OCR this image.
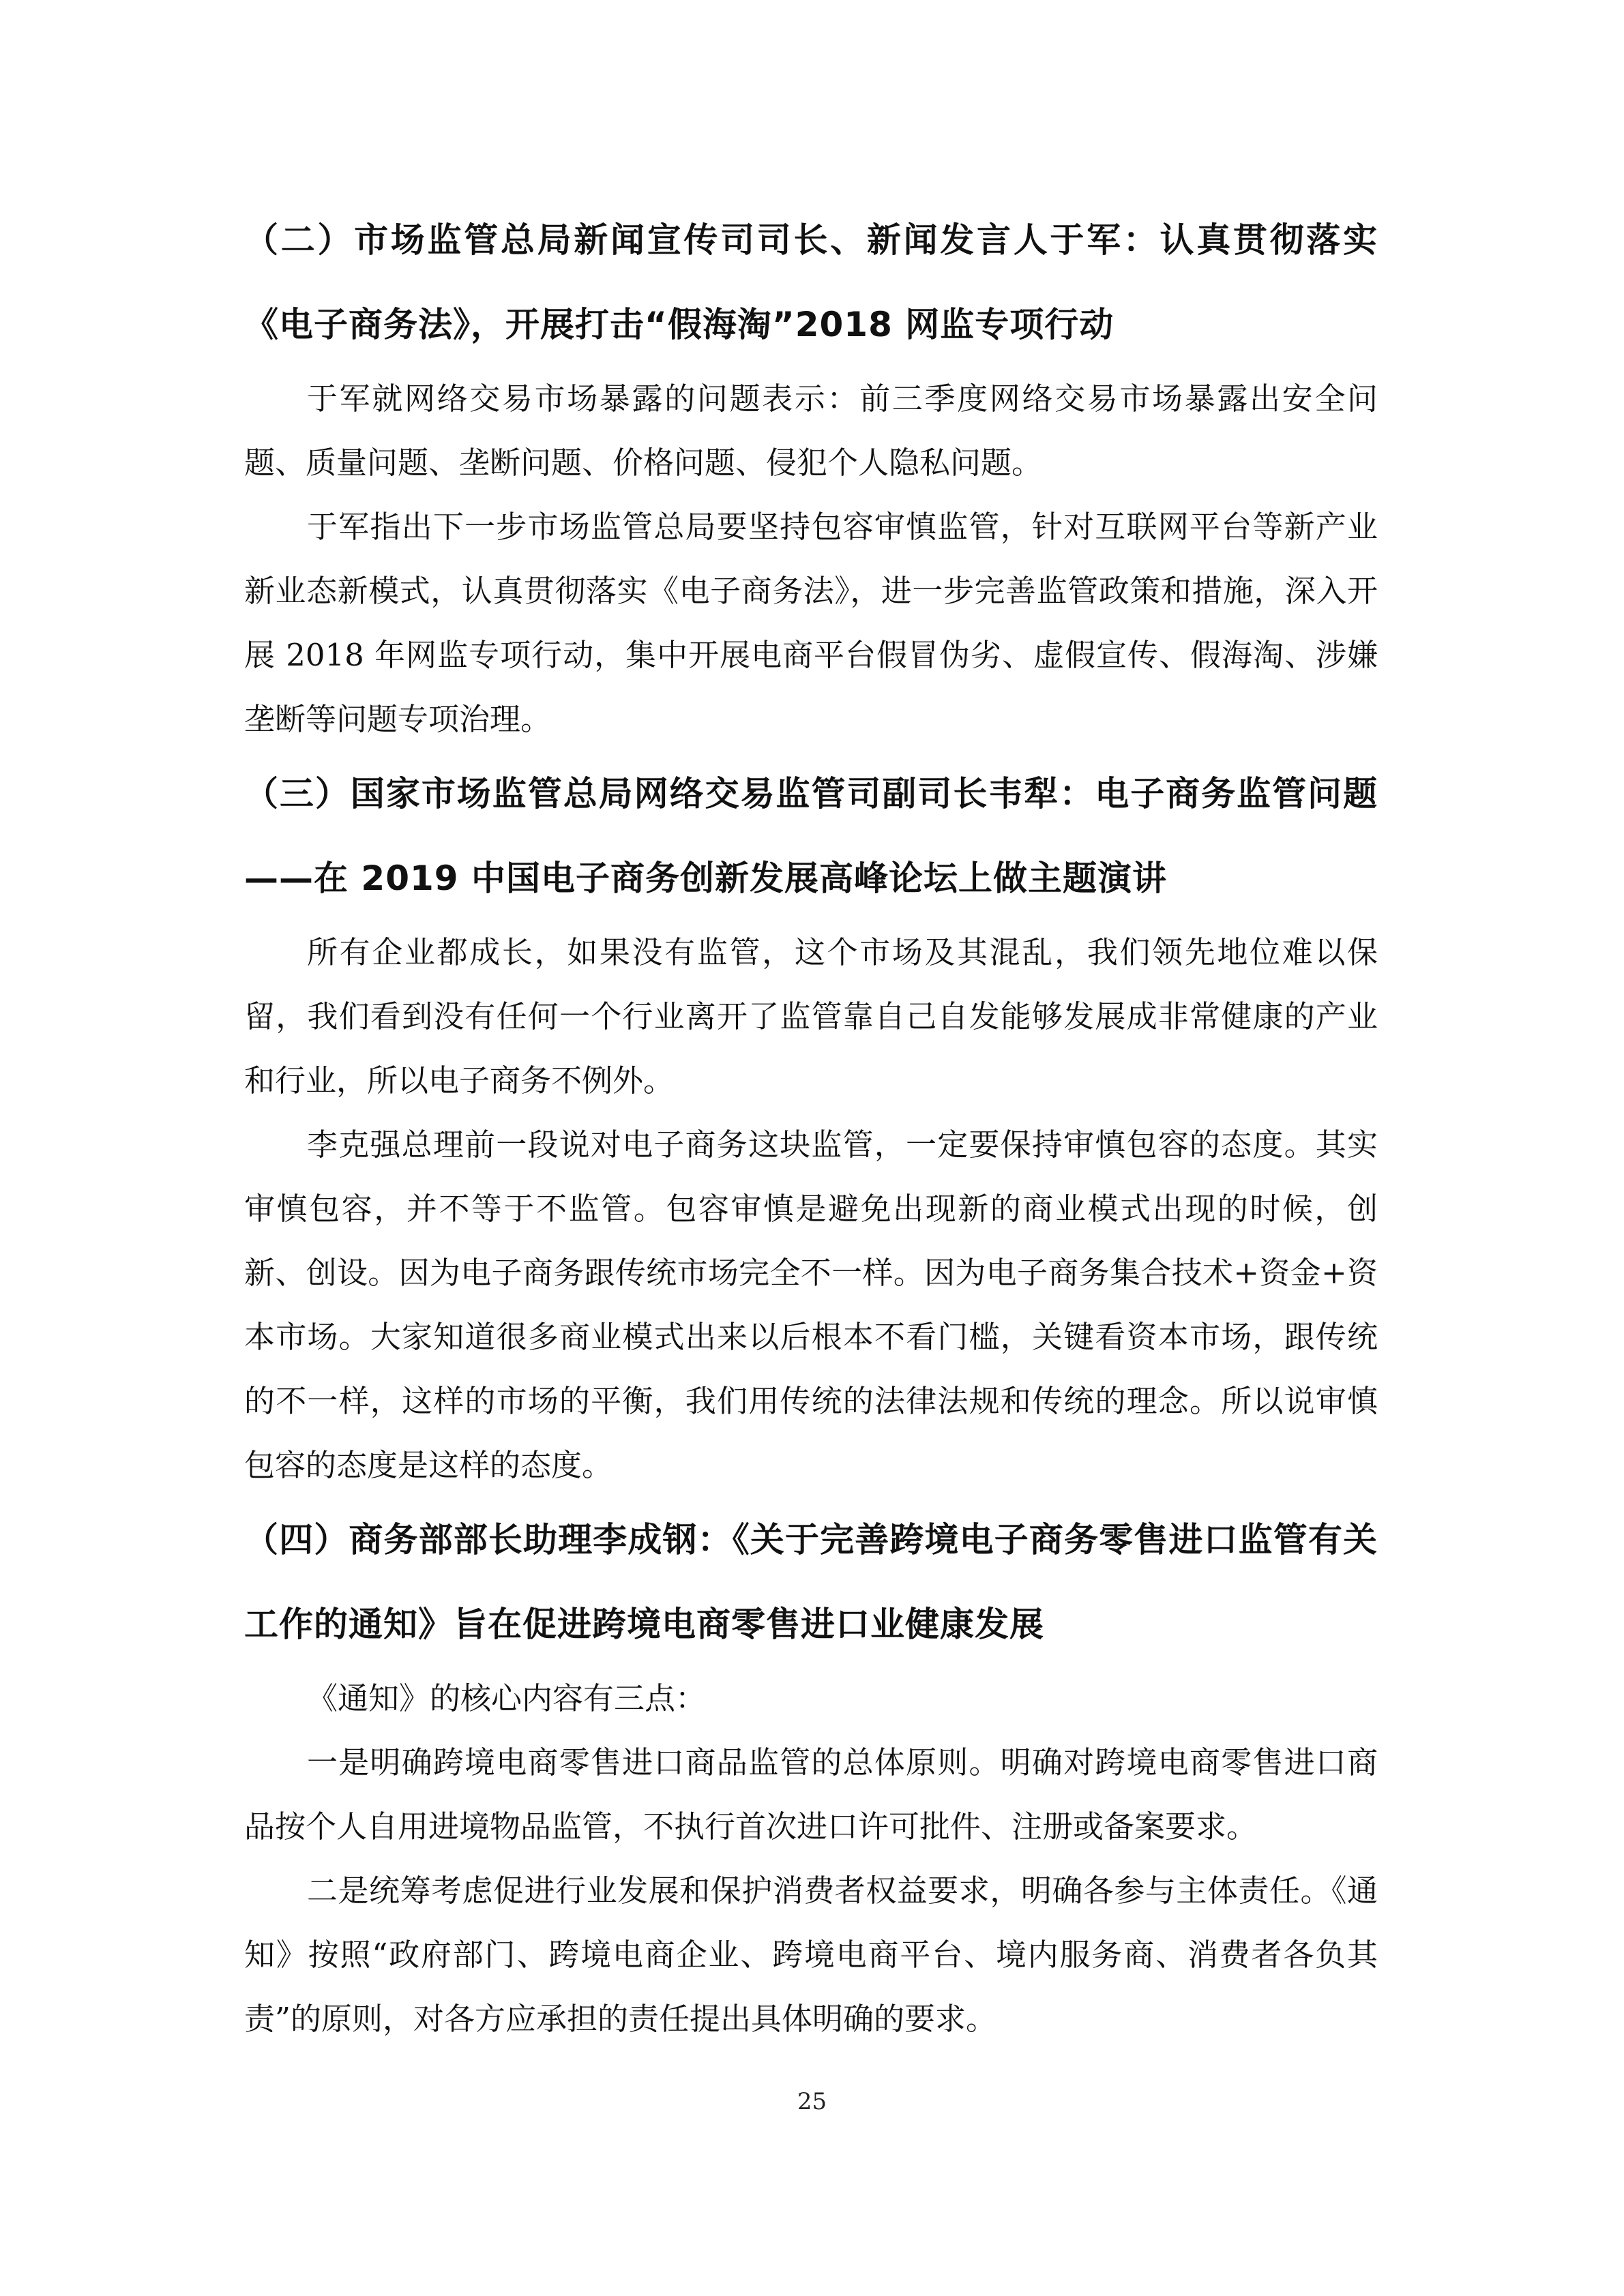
（二）市场监管总局新闻宣传司司长、新闻发言人于军：认真贯彻落实《电子商务法》，开展打击“假海淘”2018 网监专项行动

于军就网络交易市场暴露的问题表示：前三季度网络交易市场暴露出安全问题、质量问题、垄断问题、价格问题、侵犯个人隐私问题。

于军指出下一步市场监管总局要坚持包容审慎监管，针对互联网平台等新产业新业态新模式，认真贯彻落实《电子商务法》，进一步完善监管政策和措施，深入开展 2018 年网监专项行动，集中开展电商平台假冒伪劣、虚假宣传、假海淘、涉嫌垄断等问题专项治理。

（三）国家市场监管总局网络交易监管司副司长韦犁：电子商务监管问题——在 2019 中国电子商务创新发展高峰论坛上做主题演讲

所有企业都成长，如果没有监管，这个市场及其混乱，我们领先地位难以保留，我们看到没有任何一个行业离开了监管靠自己自发能够发展成非常健康的产业和行业，所以电子商务不例外。

李克强总理前一段说对电子商务这块监管，一定要保持审慎包容的态度。其实审慎包容，并不等于不监管。包容审慎是避免出现新的商业模式出现的时候，创新、创设。因为电子商务跟传统市场完全不一样。因为电子商务集合技术+资金+资本市场。大家知道很多商业模式出来以后根本不看门槛，关键看资本市场，跟传统的不一样，这样的市场的平衡，我们用传统的法律法规和传统的理念。所以说审慎包容的态度是这样的态度。

（四）商务部部长助理李成钢：《关于完善跨境电子商务零售进口监管有关工作的通知》旨在促进跨境电商零售进口业健康发展

《通知》的核心内容有三点：

一是明确跨境电商零售进口商品监管的总体原则。明确对跨境电商零售进口商品按个人自用进境物品监管，不执行首次进口许可批件、注册或备案要求。

二是统筹考虑促进行业发展和保护消费者权益要求，明确各参与主体责任。《通知》按照“政府部门、跨境电商企业、跨境电商平台、境内服务商、消费者各负其责”的原则，对各方应承担的责任提出具体明确的要求。

25
